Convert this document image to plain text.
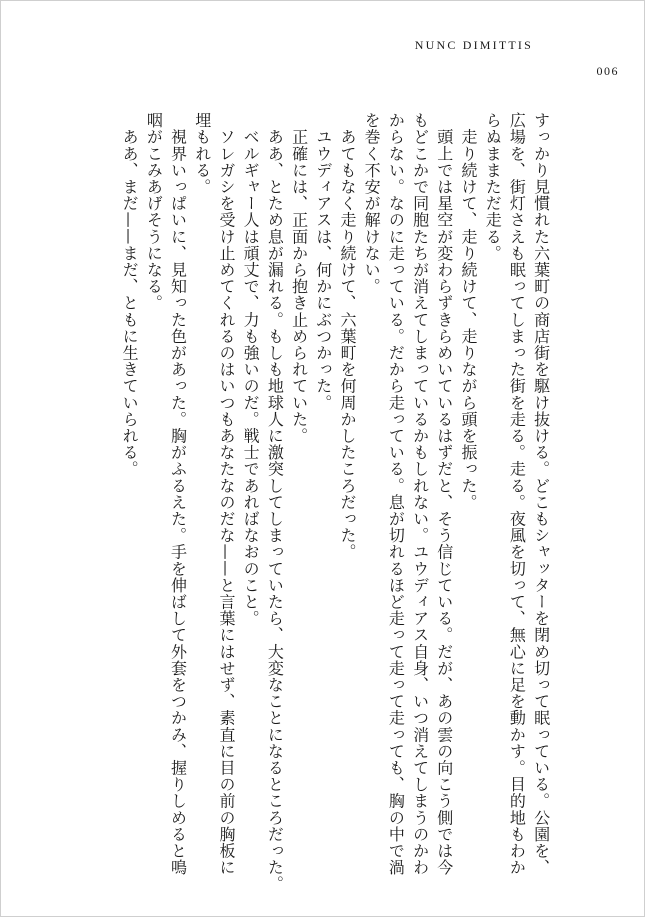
NUNC DIMITTIS
006

すっかり見慣れた六葉町の商店街を駆け抜ける。どこもシャッターを閉め切って眠っている。公園を、
広場を、街灯さえも眠ってしまった街を走る。走る。夜風を切って、無心に足を動かす。目的地もわか
らぬままただ走る。
　走り続けて、走り続けて、走りながら頭を振った。
　頭上では星空が変わらずきらめいているはずだと、そう信じている。だが、あの雲の向こう側では今
もどこかで同胞たちが消えてしまっているかもしれない。ユウディアス自身、いつ消えてしまうのかわ
からない。なのに走っている。だから走っている。息が切れるほど走って走って走っても、胸の中で渦
を巻く不安が解けない。
　あてもなく走り続けて、六葉町を何周かしたころだった。
　ユウディアスは、何かにぶつかった。
　正確には、正面から抱き止められていた。
　ああ、とため息が漏れる。もしも地球人に激突してしまっていたら、大変なことになるところだった。
　ベルギャー人は頑丈で、力も強いのだ。戦士であればなおのこと。
　ソレガシを受け止めてくれるのはいつもあなたなのだな——と言葉にはせず、素直に目の前の胸板に
埋もれる。
　視界いっぱいに、見知った色があった。胸がふるえた。手を伸ばして外套をつかみ、握りしめると鳴
咽がこみあげそうになる。
　ああ、まだ——まだ、ともに生きていられる。
